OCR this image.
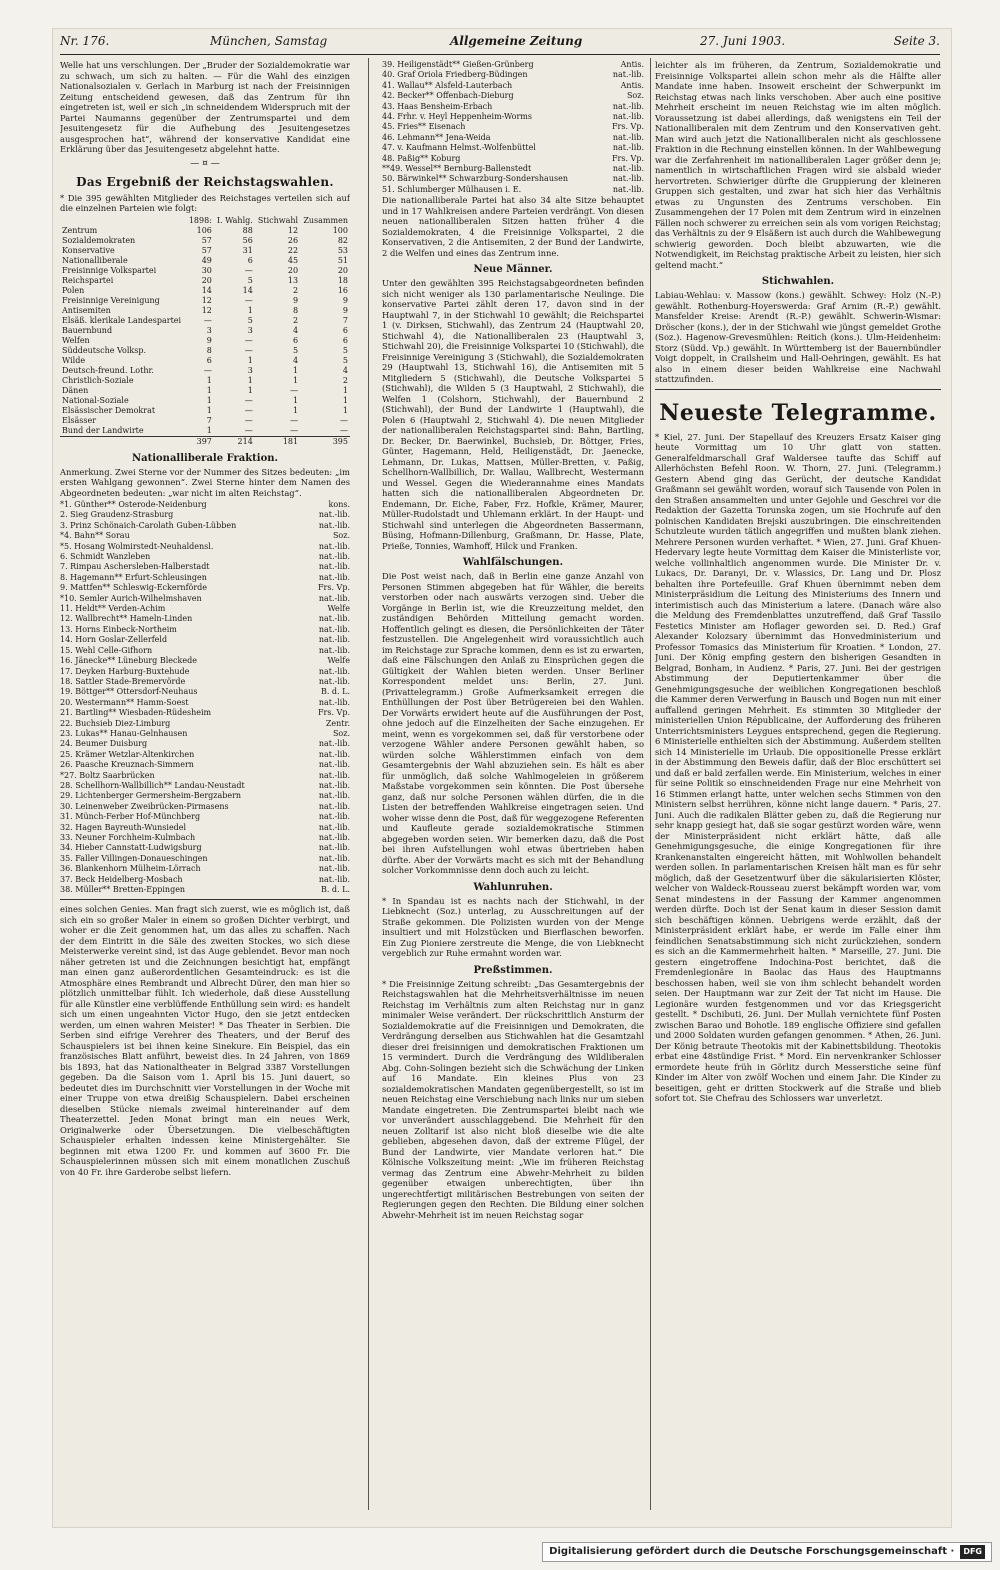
Nr. 176.	München, Samstag	Allgemeine Zeitung	27. Juni 1903.	Seite 3.

Welle hat uns verschlungen. Der „Bruder der Sozialdemokratie war zu schwach, um sich zu halten. — Für die Wahl des einzigen Nationalsozialen v. Gerlach in Marburg ist nach der Freisinnigen Zeitung entscheidend gewesen, daß das Zentrum für ihn eingetreten ist, weil er sich „in schneidendem Widerspruch mit der Partei Naumanns gegenüber der Zentrumspartei und dem Jesuitengesetz für die Aufhebung des Jesuitengesetzes ausgesprochen hat“, während der konservative Kandidat eine Erklärung über das Jesuitengesetz abgelehnt hatte.

— ¤ —
Das Ergebniß der Reichstagswahlen.

* Die 395 gewählten Mitglieder des Reichstages verteilen sich auf die einzelnen Parteien wie folgt:

	1898:	I. Wahlg.	Stichwahl	Zusammen
Zentrum	106	88	12	100
Sozialdemokraten	57	56	26	82
Konservative	57	31	22	53
Nationalliberale	49	6	45	51
Freisinnige Volkspartei	30	—	20	20
Reichspartei	20	5	13	18
Polen	14	14	2	16
Freisinnige Vereinigung	12	—	9	9
Antisemiten	12	1	8	9
Elsäß. klerikale Landespartei	—	5	2	7
Bauernbund	3	3	4	6
Welfen	9	—	6	6
Süddeutsche Volksp.	8	—	5	5
Wilde	6	1	4	5
Deutsch-freund. Lothr.	—	3	1	4
Christlich-Soziale	1	1	1	2
Dänen	1	1	—	1
National-Soziale	1	—	1	1
Elsässischer Demokrat	1	—	1	1
Elsässer	7	—	—	—
Bund der Landwirte	1	—	—	—
	397	214	181	395
Nationalliberale Fraktion.

Anmerkung. Zwei Sterne vor der Nummer des Sitzes bedeuten: „im ersten Wahlgang gewonnen“. Zwei Sterne hinter dem Namen des Abgeordneten bedeuten: „war nicht im alten Reichstag“.

*1. Günther** Osterode-Neidenburg	kons.
2. Sieg Graudenz-Strasburg	nat.-lib.
3. Prinz Schönaich-Carolath Guben-Lübben	nat.-lib.
*4. Bahn** Sorau	Soz.
*5. Hosang Wolmirstedt-Neuhaldensl.	nat.-lib.
6. Schmidt Wanzleben	nat.-lib.
7. Rimpau Aschersleben-Halberstadt	nat.-lib.
8. Hagemann** Erfurt-Schleusingen	nat.-lib.
9. Mattfen** Schleswig-Eckernförde	Frs. Vp.
*10. Semler Aurich-Wilhelmshaven	nat.-lib.
11. Heldt** Verden-Achim	Welfe
12. Wallbrecht** Hameln-Linden	nat.-lib.
13. Horns Einbeck-Northeim	nat.-lib.
14. Horn Goslar-Zellerfeld	nat.-lib.
15. Wehl Celle-Gifhorn	nat.-lib.
16. Jänecke** Lüneburg Bleckede	Welfe
17. Deyken Harburg-Buxtehude	nat.-lib.
18. Sattler Stade-Bremervörde	nat.-lib.
19. Böttger** Ottersdorf-Neuhaus	B. d. L.
20. Westermann** Hamm-Soest	nat.-lib.
21. Bartling** Wiesbaden-Rüdesheim	Frs. Vp.
22. Buchsieb Diez-Limburg	Zentr.
23. Lukas** Hanau-Gelnhausen	Soz.
24. Beumer Duisburg	nat.-lib.
25. Krämer Wetzlar-Altenkirchen	nat.-lib.
26. Paasche Kreuznach-Simmern	nat.-lib.
*27. Boltz Saarbrücken	nat.-lib.
28. Schellhorn-Wallbillich** Landau-Neustadt	nat.-lib.
29. Lichtenberger Germersheim-Bergzabern	nat.-lib.
30. Leinenweber Zweibrücken-Pirmasens	nat.-lib.
31. Münch-Ferber Hof-Münchberg	nat.-lib.
32. Hagen Bayreuth-Wunsiedel	nat.-lib.
33. Neuner Forchheim-Kulmbach	nat.-lib.
34. Hieber Cannstatt-Ludwigsburg	nat.-lib.
35. Faller Villingen-Donaueschingen	nat.-lib.
36. Blankenhorn Mülheim-Lörrach	nat.-lib.
37. Beck Heidelberg-Mosbach	nat.-lib.
38. Müller** Bretten-Eppingen	B. d. L.

eines solchen Genies. Man fragt sich zuerst, wie es möglich ist, daß sich ein so großer Maler in einem so großen Dichter verbirgt, und woher er die Zeit genommen hat, um das alles zu schaffen. Nach der dem Eintritt in die Säle des zweiten Stockes, wo sich diese Meisterwerke vereint sind, ist das Auge geblendet. Bevor man noch näher getreten ist und die Zeichnungen besichtigt hat, empfängt man einen ganz außerordentlichen Gesamteindruck: es ist die Atmosphäre eines Rembrandt und Albrecht Dürer, den man hier so plötzlich unmittelbar fühlt. Ich wiederhole, daß diese Ausstellung für alle Künstler eine verblüffende Enthüllung sein wird: es handelt sich um einen ungeahnten Victor Hugo, den sie jetzt entdecken werden, um einen wahren Meister! * Das Theater in Serbien. Die Serben sind eifrige Verehrer des Theaters, und der Beruf des Schauspielers ist bei ihnen keine Sinekure. Ein Beispiel, das ein französisches Blatt anführt, beweist dies. In 24 Jahren, von 1869 bis 1893, hat das Nationaltheater in Belgrad 3387 Vorstellungen gegeben. Da die Saison vom 1. April bis 15. Juni dauert, so bedeutet dies im Durchschnitt vier Vorstellungen in der Woche mit einer Truppe von etwa dreißig Schauspielern. Dabei erscheinen dieselben Stücke niemals zweimal hintereinander auf dem Theaterzettel. Jeden Monat bringt man ein neues Werk, Originalwerke oder Übersetzungen. Die vielbeschäftigten Schauspieler erhalten indessen keine Ministergehälter. Sie beginnen mit etwa 1200 Fr. und kommen auf 3600 Fr. Die Schauspielerinnen müssen sich mit einem monatlichen Zuschuß von 40 Fr. ihre Garderobe selbst liefern.

39. Heiligenstädt** Gießen-Grünberg	Antis.
40. Graf Oriola Friedberg-Büdingen	nat.-lib.
41. Wallau** Alsfeld-Lauterbach	Antis.
42. Becker** Offenbach-Dieburg	Soz.
43. Haas Bensheim-Erbach	nat.-lib.
44. Frhr. v. Heyl Heppenheim-Worms	nat.-lib.
45. Fries** Eisenach	Frs. Vp.
46. Lehmann** Jena-Weida	nat.-lib.
47. v. Kaufmann Helmst.-Wolfenbüttel	nat.-lib.
48. Paßig** Koburg	Frs. Vp.
**49. Wessel** Bernburg-Ballenstedt	nat.-lib.
50. Bärwinkel** Schwarzburg-Sondershausen	nat.-lib.
51. Schlumberger Mülhausen i. E.	nat.-lib.

Die nationalliberale Partei hat also 34 alte Sitze behauptet und in 17 Wahlkreisen andere Parteien verdrängt. Von diesen neuen nationalliberalen Sitzen hatten früher 4 die Sozialdemokraten, 4 die Freisinnige Volkspartei, 2 die Konservativen, 2 die Antisemiten, 2 der Bund der Landwirte, 2 die Welfen und eines das Zentrum inne.

Neue Männer.

Unter den gewählten 395 Reichstagsabgeordneten befinden sich nicht weniger als 130 parlamentarische Neulinge. Die konservative Partei zählt deren 17, davon sind in der Hauptwahl 7, in der Stichwahl 10 gewählt; die Reichspartei 1 (v. Dirksen, Stichwahl), das Zentrum 24 (Hauptwahl 20, Stichwahl 4), die Nationalliberalen 23 (Hauptwahl 3, Stichwahl 20), die Freisinnige Volkspartei 10 (Stichwahl), die Freisinnige Vereinigung 3 (Stichwahl), die Sozialdemokraten 29 (Hauptwahl 13, Stichwahl 16), die Antisemiten mit 5 Mitgliedern 5 (Stichwahl), die Deutsche Volkspartei 5 (Stichwahl), die Wilden 5 (3 Hauptwahl, 2 Stichwahl), die Welfen 1 (Colshorn, Stichwahl), der Bauernbund 2 (Stichwahl), der Bund der Landwirte 1 (Hauptwahl), die Polen 6 (Hauptwahl 2, Stichwahl 4). Die neuen Mitglieder der nationalliberalen Reichstagspartei sind: Bahn, Bartling, Dr. Becker, Dr. Baerwinkel, Buchsieb, Dr. Böttger, Fries, Günter, Hagemann, Held, Heiligenstädt, Dr. Jaenecke, Lehmann, Dr. Lukas, Mattsen, Müller-Bretten, v. Paßig, Schellhorn-Wallbillich, Dr. Wallau, Wallbrecht, Westermann und Wessel. Gegen die Wiederannahme eines Mandats hatten sich die nationalliberalen Abgeordneten Dr. Endemann, Dr. Eiche, Faber, Frz. Hofkle, Krämer, Maurer, Müller-Rudolstadt und Uhlemann erklärt. In der Haupt- und Stichwahl sind unterlegen die Abgeordneten Bassermann, Büsing, Hofmann-Dillenburg, Graßmann, Dr. Hasse, Plate, Prieße, Tonnies, Wamhoff, Hilck und Franken.

Wahlfälschungen.

Die Post weist nach, daß in Berlin eine ganze Anzahl von Personen Stimmen abgegeben hat für Wähler, die bereits verstorben oder nach auswärts verzogen sind. Ueber die Vorgänge in Berlin ist, wie die Kreuzzeitung meldet, den zuständigen Behörden Mitteilung gemacht worden. Hoffentlich gelingt es diesen, die Persönlichkeiten der Täter festzustellen. Die Angelegenheit wird voraussichtlich auch im Reichstage zur Sprache kommen, denn es ist zu erwarten, daß eine Fälschungen den Anlaß zu Einsprüchen gegen die Gültigkeit der Wahlen bieten werden. Unser Berliner Korrespondent meldet uns: Berlin, 27. Juni. (Privattelegramm.) Große Aufmerksamkeit erregen die Enthüllungen der Post über Betrügereien bei den Wahlen. Der Vorwärts erwidert heute auf die Ausführungen der Post, ohne jedoch auf die Einzelheiten der Sache einzugehen. Er meint, wenn es vorgekommen sei, daß für verstorbene oder verzogene Wähler andere Personen gewählt haben, so würden solche Wählerstimmen einfach von dem Gesamtergebnis der Wahl abzuziehen sein. Es hält es aber für unmöglich, daß solche Wahlmogeleien in größerem Maßstabe vorgekommen sein könnten. Die Post übersehe ganz, daß nur solche Personen wählen dürfen, die in die Listen der betreffenden Wahlkreise eingetragen seien. Und woher wisse denn die Post, daß für weggezogene Referenten und Kaufleute gerade sozialdemokratische Stimmen abgegeben worden seien. Wir bemerken dazu, daß die Post bei ihren Aufstellungen wohl etwas übertrieben haben dürfte. Aber der Vorwärts macht es sich mit der Behandlung solcher Vorkommnisse denn doch auch zu leicht.

Wahlunruhen.

* In Spandau ist es nachts nach der Stichwahl, in der Liebknecht (Soz.) unterlag, zu Ausschreitungen auf der Straße gekommen. Die Polizisten wurden von der Menge insultiert und mit Holzstücken und Bierflaschen beworfen. Ein Zug Pioniere zerstreute die Menge, die von Liebknecht vergeblich zur Ruhe ermahnt worden war.

Preßstimmen.

* Die Freisinnige Zeitung schreibt: „Das Gesamtergebnis der Reichstagswahlen hat die Mehrheitsverhältnisse im neuen Reichstag im Verhältnis zum alten Reichstag nur in ganz minimaler Weise verändert. Der rückschrittlich Ansturm der Sozialdemokratie auf die Freisinnigen und Demokraten, die Verdrängung derselben aus Stichwahlen hat die Gesamtzahl dieser drei freisinnigen und demokratischen Fraktionen um 15 vermindert. Durch die Verdrängung des Wildliberalen Abg. Cohn-Solingen bezieht sich die Schwächung der Linken auf 16 Mandate. Ein kleines Plus von 23 sozialdemokratischen Mandaten gegenübergestellt, so ist im neuen Reichstag eine Verschiebung nach links nur um sieben Mandate eingetreten. Die Zentrumspartei bleibt nach wie vor unverändert ausschlaggebend. Die Mehrheit für den neuen Zolltarif ist also nicht bloß dieselbe wie die alte geblieben, abgesehen davon, daß der extreme Flügel, der Bund der Landwirte, vier Mandate verloren hat.“ Die Kölnische Volkszeitung meint: „Wie im früheren Reichstag vermag das Zentrum eine Abwehr-Mehrheit zu bilden gegenüber etwaigen unberechtigten, über ihn ungerechtfertigt militärischen Bestrebungen von seiten der Regierungen gegen den Rechten. Die Bildung einer solchen Abwehr-Mehrheit ist im neuen Reichstag sogar

leichter als im früheren, da Zentrum, Sozialdemokratie und Freisinnige Volkspartei allein schon mehr als die Hälfte aller Mandate inne haben. Insoweit erscheint der Schwerpunkt im Reichstag etwas nach links verschoben. Aber auch eine positive Mehrheit erscheint im neuen Reichstag wie im alten möglich. Voraussetzung ist dabei allerdings, daß wenigstens ein Teil der Nationalliberalen mit dem Zentrum und den Konservativen geht. Man wird auch jetzt die Nationalliberalen nicht als geschlossene Fraktion in die Rechnung einstellen können. In der Wahlbewegung war die Zerfahrenheit im nationalliberalen Lager größer denn je; namentlich in wirtschaftlichen Fragen wird sie alsbald wieder hervortreten. Schwieriger dürfte die Gruppierung der kleineren Gruppen sich gestalten, und zwar hat sich hier das Verhältnis etwas zu Ungunsten des Zentrums verschoben. Ein Zusammengehen der 17 Polen mit dem Zentrum wird in einzelnen Fällen noch schwerer zu erreichen sein als vom vorigen Reichstag; das Verhältnis zu der 9 Elsäßern ist auch durch die Wahlbewegung schwierig geworden. Doch bleibt abzuwarten, wie die Notwendigkeit, im Reichstag praktische Arbeit zu leisten, hier sich geltend macht.“

Stichwahlen.

Labiau-Wehlau: v. Massow (kons.) gewählt. Schwey: Holz (N.-P.) gewählt. Rothenburg-Hoyerswerda: Graf Arnim (R.-P.) gewählt. Mansfelder Kreise: Arendt (R.-P.) gewählt. Schwerin-Wismar: Dröscher (kons.), der in der Stichwahl wie jüngst gemeldet Grothe (Soz.). Hagenow-Grevesmühlen: Reitich (kons.). Ulm-Heidenheim: Storz (Südd. Vp.) gewählt. In Württemberg ist der Bauernbündler Voigt doppelt, in Crailsheim und Hall-Oehringen, gewählt. Es hat also in einem dieser beiden Wahlkreise eine Nachwahl stattzufinden.

Neueste Telegramme.

* Kiel, 27. Juni. Der Stapellauf des Kreuzers Ersatz Kaiser ging heute Vormittag um 10 Uhr glatt von statten. Generalfeldmarschall Graf Waldersee taufte das Schiff auf Allerhöchsten Befehl Roon. W. Thorn, 27. Juni. (Telegramm.) Gestern Abend ging das Gerücht, der deutsche Kandidat Graßmann sei gewählt worden, worauf sich Tausende von Polen in den Straßen ansammelten und unter Gejohle und Geschrei vor die Redaktion der Gazetta Torunska zogen, um sie Hochrufe auf den polnischen Kandidaten Brejski auszubringen. Die einschreitenden Schutzleute wurden tätlich angegriffen und mußten blank ziehen. Mehrere Personen wurden verhaftet. * Wien, 27. Juni. Graf Khuen-Hedervary legte heute Vormittag dem Kaiser die Ministerliste vor, welche vollinhaltlich angenommen wurde. Die Minister Dr. v. Lukacs, Dr. Daranyi, Dr. v. Wlassics, Dr. Lang und Dr. Plosz behalten ihre Portefeuille. Graf Khuen übernimmt neben dem Ministerpräsidium die Leitung des Ministeriums des Innern und interimistisch auch das Ministerium a latere. (Danach wäre also die Meldung des Fremdenblattes unzutreffend, daß Graf Tassilo Festetics Minister am Hoflager geworden sei. D. Red.) Graf Alexander Kolozsary übernimmt das Honvedministerium und Professor Tomasics das Ministerium für Kroatien. * London, 27. Juni. Der König empfing gestern den bisherigen Gesandten in Belgrad, Bonham, in Audienz. * Paris, 27. Juni. Bei der gestrigen Abstimmung der Deputiertenkammer über die Genehmigungsgesuche der weiblichen Kongregationen beschloß die Kammer deren Verwerfung in Bausch und Bogen nun mit einer auffallend geringen Mehrheit. Es stimmten 30 Mitglieder der ministeriellen Union Républicaine, der Aufforderung des früheren Unterrichtsministers Leygues entsprechend, gegen die Regierung. 6 Ministerielle enthielten sich der Abstimmung. Außerdem stellten sich 14 Ministerielle im Urlaub. Die oppositionelle Presse erklärt in der Abstimmung den Beweis dafür, daß der Bloc erschüttert sei und daß er bald zerfallen werde. Ein Ministerium, welches in einer für seine Politik so einschneidenden Frage nur eine Mehrheit von 16 Stimmen erlangt hatte, unter welchen sechs Stimmen von den Ministern selbst herrühren, könne nicht lange dauern. * Paris, 27. Juni. Auch die radikalen Blätter geben zu, daß die Regierung nur sehr knapp gesiegt hat, daß sie sogar gestürzt worden wäre, wenn der Ministerpräsident nicht erklärt hätte, daß alle Genehmigungsgesuche, die einige Kongregationen für ihre Krankenanstalten eingereicht hätten, mit Wohlwollen behandelt werden sollen. In parlamentarischen Kreisen hält man es für sehr möglich, daß der Gesetzentwurf über die säkularisierten Klöster, welcher von Waldeck-Rousseau zuerst bekämpft worden war, vom Senat mindestens in der Fassung der Kammer angenommen werden dürfte. Doch ist der Senat kaum in dieser Session damit sich beschäftigen können. Uebrigens werde erzählt, daß der Ministerpräsident erklärt habe, er werde im Falle einer ihm feindlichen Senatsabstimmung sich nicht zurückziehen, sondern es sich an die Kammermehrheit halten. * Marseille, 27. Juni. Die gestern eingetroffene Indochina-Post berichtet, daß die Fremdenlegionäre in Baolac das Haus des Hauptmanns beschossen haben, weil sie von ihm schlecht behandelt worden seien. Der Hauptmann war zur Zeit der Tat nicht im Hause. Die Legionäre wurden festgenommen und vor das Kriegsgericht gestellt. * Dschibuti, 26. Juni. Der Mullah vernichtete fünf Posten zwischen Barao und Bohotle. 189 englische Offiziere sind gefallen und 2000 Soldaten wurden gefangen genommen. * Athen, 26. Juni. Der König betraute Theotokis mit der Kabinettsbildung. Theotokis erbat eine 48stündige Frist. * Mord. Ein nervenkranker Schlosser ermordete heute früh in Görlitz durch Messerstiche seine fünf Kinder im Alter von zwölf Wochen und einem Jahr. Die Kinder zu beseitigen, geht er dritten Stockwerk auf die Straße und blieb sofort tot. Sie Chefrau des Schlossers war unverletzt.

Digitalisierung gefördert durch die Deutsche Forschungsgemeinschaft ·	DFG
